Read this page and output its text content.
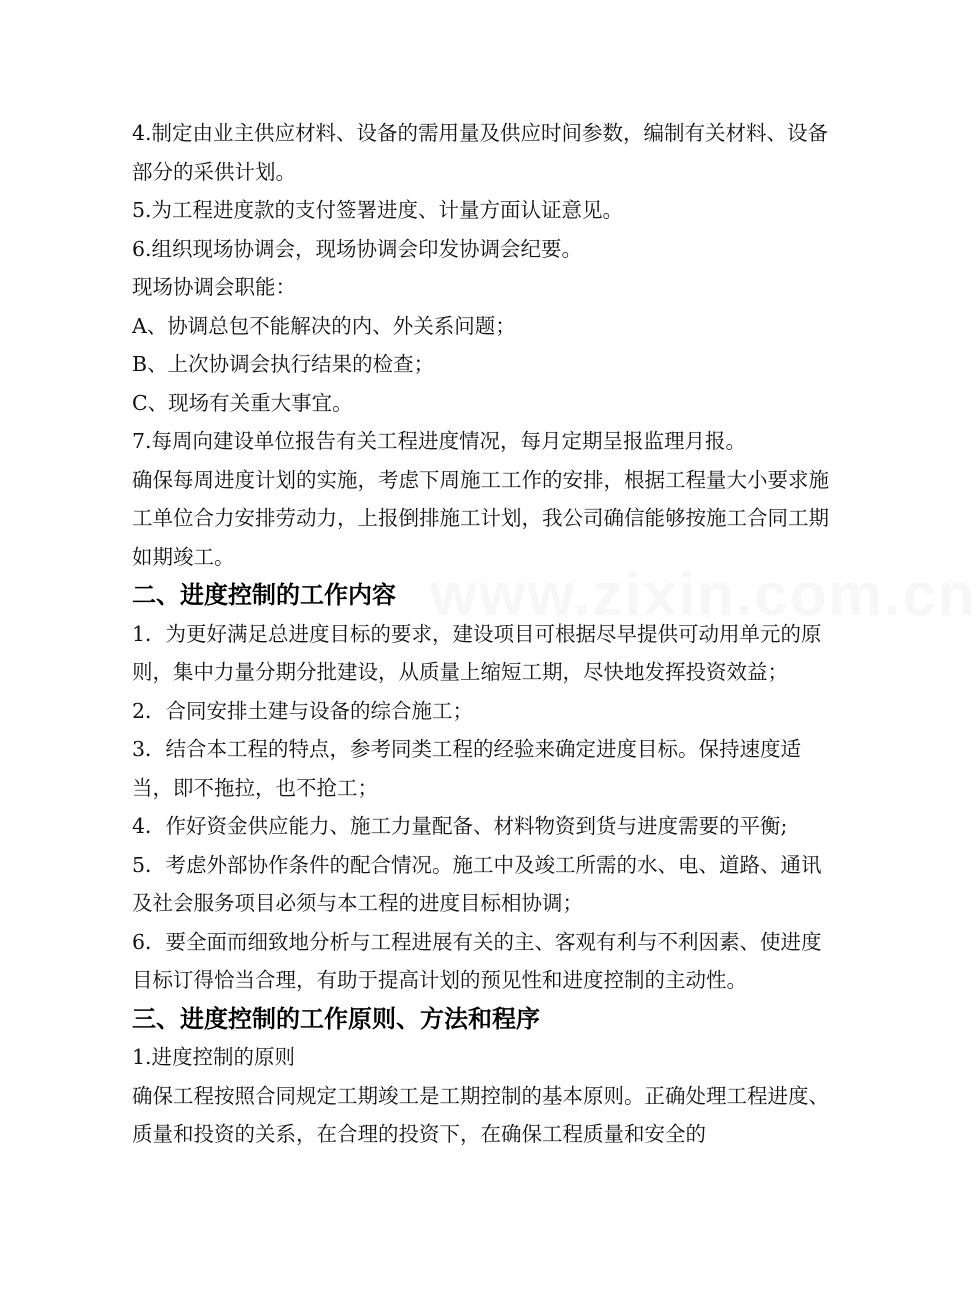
www.zixin.com.cn

4.制定由业主供应材料、设备的需用量及供应时间参数，编制有关材料、设备部分的采供计划。

5.为工程进度款的支付签署进度、计量方面认证意见。

6.组织现场协调会，现场协调会印发协调会纪要。

现场协调会职能：

A、协调总包不能解决的内、外关系问题；

B、上次协调会执行结果的检查；

C、现场有关重大事宜。

7.每周向建设单位报告有关工程进度情况，每月定期呈报监理月报。

确保每周进度计划的实施，考虑下周施工工作的安排，根据工程量大小要求施工单位合力安排劳动力，上报倒排施工计划，我公司确信能够按施工合同工期如期竣工。

二、进度控制的工作内容

1．为更好满足总进度目标的要求，建设项目可根据尽早提供可动用单元的原则，集中力量分期分批建设，从质量上缩短工期，尽快地发挥投资效益；

2．合同安排土建与设备的综合施工；

3．结合本工程的特点，参考同类工程的经验来确定进度目标。保持速度适当，即不拖拉，也不抢工；

4．作好资金供应能力、施工力量配备、材料物资到货与进度需要的平衡;

5．考虑外部协作条件的配合情况。施工中及竣工所需的水、电、道路、通讯及社会服务项目必须与本工程的进度目标相协调；

6．要全面而细致地分析与工程进展有关的主、客观有利与不利因素、使进度目标订得恰当合理，有助于提高计划的预见性和进度控制的主动性。

三、进度控制的工作原则、方法和程序

1.进度控制的原则

确保工程按照合同规定工期竣工是工期控制的基本原则。正确处理工程进度、质量和投资的关系，在合理的投资下，在确保工程质量和安全的
